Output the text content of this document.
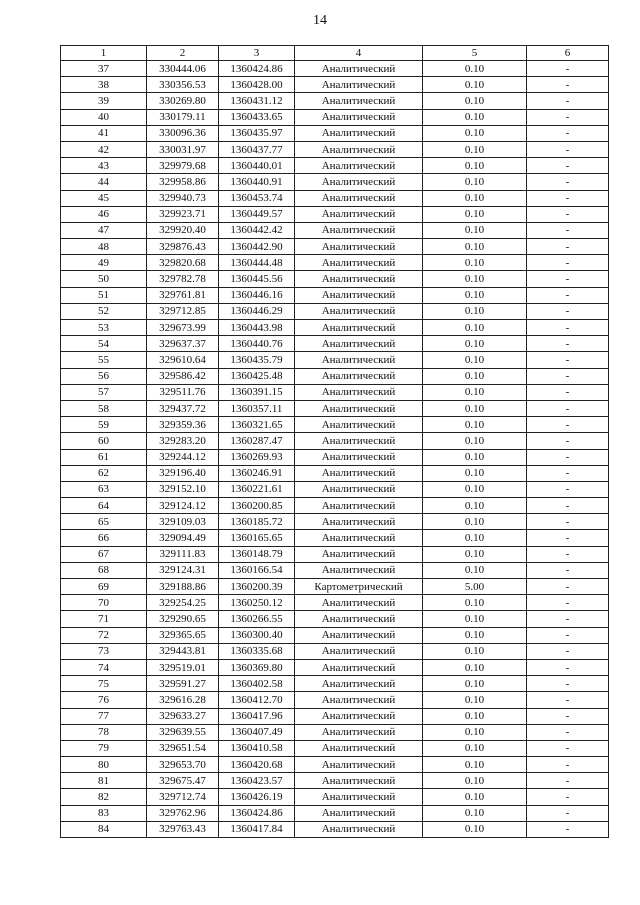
14
1	2	3	4	5	6
37	330444.06	1360424.86	Аналитический	0.10	-
38	330356.53	1360428.00	Аналитический	0.10	-
39	330269.80	1360431.12	Аналитический	0.10	-
40	330179.11	1360433.65	Аналитический	0.10	-
41	330096.36	1360435.97	Аналитический	0.10	-
42	330031.97	1360437.77	Аналитический	0.10	-
43	329979.68	1360440.01	Аналитический	0.10	-
44	329958.86	1360440.91	Аналитический	0.10	-
45	329940.73	1360453.74	Аналитический	0.10	-
46	329923.71	1360449.57	Аналитический	0.10	-
47	329920.40	1360442.42	Аналитический	0.10	-
48	329876.43	1360442.90	Аналитический	0.10	-
49	329820.68	1360444.48	Аналитический	0.10	-
50	329782.78	1360445.56	Аналитический	0.10	-
51	329761.81	1360446.16	Аналитический	0.10	-
52	329712.85	1360446.29	Аналитический	0.10	-
53	329673.99	1360443.98	Аналитический	0.10	-
54	329637.37	1360440.76	Аналитический	0.10	-
55	329610.64	1360435.79	Аналитический	0.10	-
56	329586.42	1360425.48	Аналитический	0.10	-
57	329511.76	1360391.15	Аналитический	0.10	-
58	329437.72	1360357.11	Аналитический	0.10	-
59	329359.36	1360321.65	Аналитический	0.10	-
60	329283.20	1360287.47	Аналитический	0.10	-
61	329244.12	1360269.93	Аналитический	0.10	-
62	329196.40	1360246.91	Аналитический	0.10	-
63	329152.10	1360221.61	Аналитический	0.10	-
64	329124.12	1360200.85	Аналитический	0.10	-
65	329109.03	1360185.72	Аналитический	0.10	-
66	329094.49	1360165.65	Аналитический	0.10	-
67	329111.83	1360148.79	Аналитический	0.10	-
68	329124.31	1360166.54	Аналитический	0.10	-
69	329188.86	1360200.39	Картометрический	5.00	-
70	329254.25	1360250.12	Аналитический	0.10	-
71	329290.65	1360266.55	Аналитический	0.10	-
72	329365.65	1360300.40	Аналитический	0.10	-
73	329443.81	1360335.68	Аналитический	0.10	-
74	329519.01	1360369.80	Аналитический	0.10	-
75	329591.27	1360402.58	Аналитический	0.10	-
76	329616.28	1360412.70	Аналитический	0.10	-
77	329633.27	1360417.96	Аналитический	0.10	-
78	329639.55	1360407.49	Аналитический	0.10	-
79	329651.54	1360410.58	Аналитический	0.10	-
80	329653.70	1360420.68	Аналитический	0.10	-
81	329675.47	1360423.57	Аналитический	0.10	-
82	329712.74	1360426.19	Аналитический	0.10	-
83	329762.96	1360424.86	Аналитический	0.10	-
84	329763.43	1360417.84	Аналитический	0.10	-
